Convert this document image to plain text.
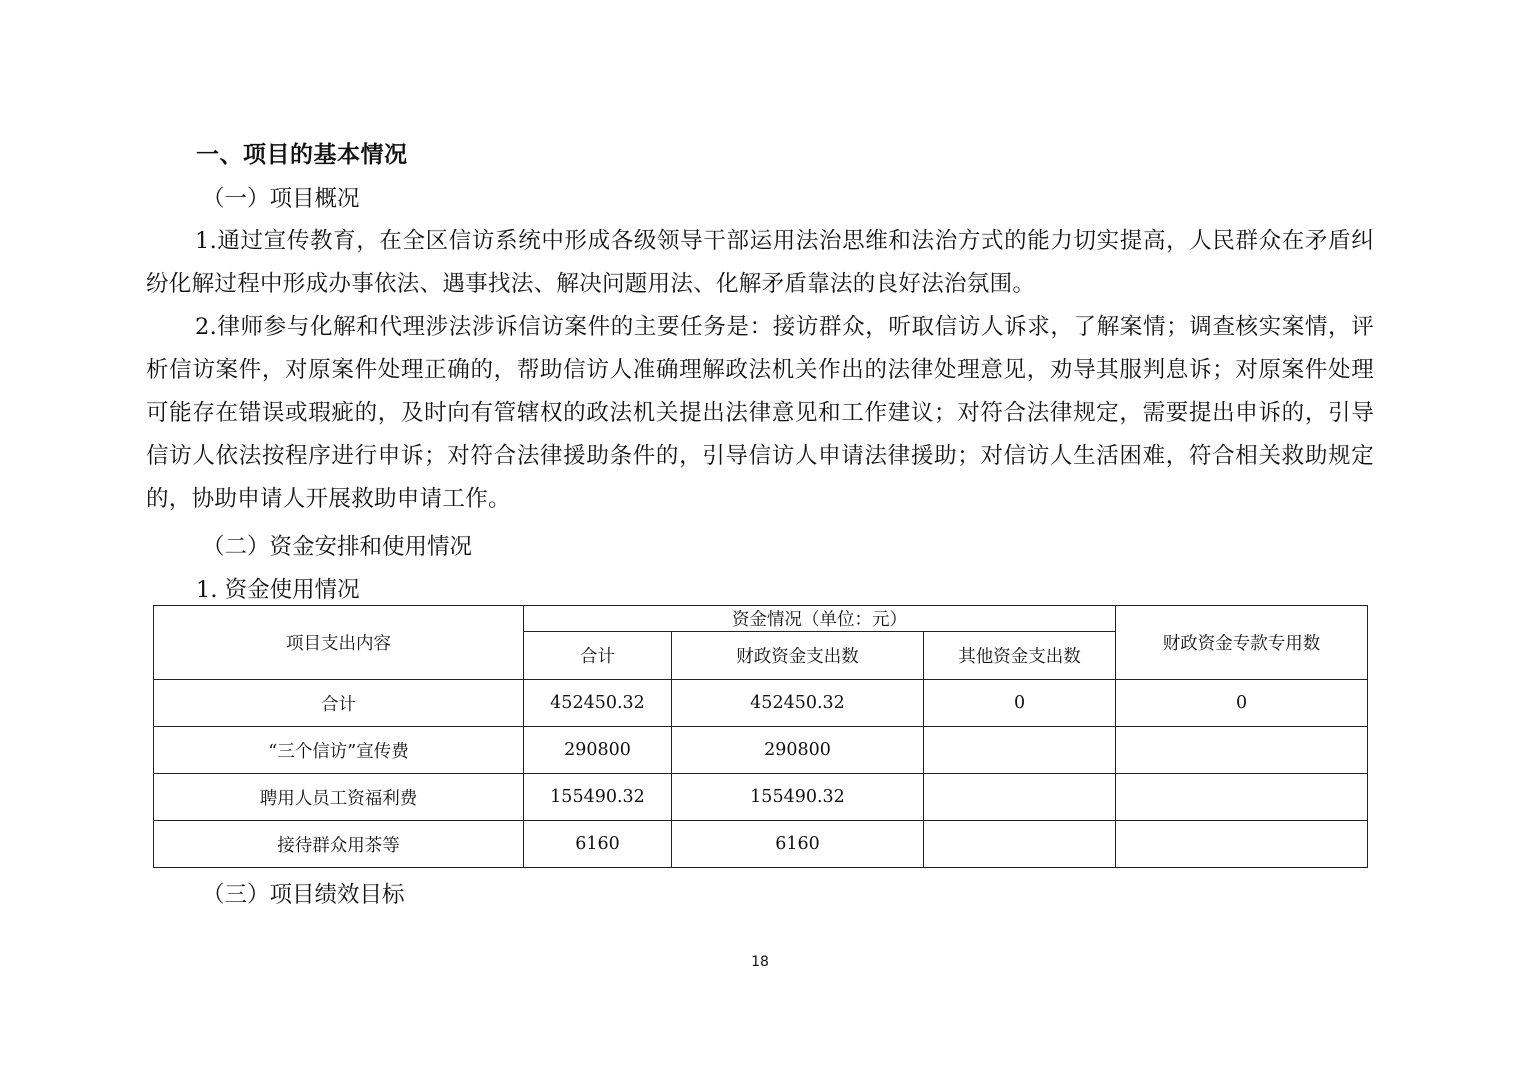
一、项目的基本情况

（一）项目概况

1.通过宣传教育，在全区信访系统中形成各级领导干部运用法治思维和法治方式的能力切实提高，人民群众在矛盾纠纷化解过程中形成办事依法、遇事找法、解决问题用法、化解矛盾靠法的良好法治氛围。

2.律师参与化解和代理涉法涉诉信访案件的主要任务是：接访群众，听取信访人诉求，了解案情；调查核实案情，评析信访案件，对原案件处理正确的，帮助信访人准确理解政法机关作出的法律处理意见，劝导其服判息诉；对原案件处理可能存在错误或瑕疵的，及时向有管辖权的政法机关提出法律意见和工作建议；对符合法律规定，需要提出申诉的，引导信访人依法按程序进行申诉；对符合法律援助条件的，引导信访人申请法律援助；对信访人生活困难，符合相关救助规定的，协助申请人开展救助申请工作。

（二）资金安排和使用情况

1. 资金使用情况

项目支出内容	资金情况（单位：元）			财政资金专款专用数
	合计	财政资金支出数	其他资金支出数	
合计	452450.32	452450.32	0	0
“三个信访”宣传费	290800	290800		
聘用人员工资福利费	155490.32	155490.32		
接待群众用茶等	6160	6160		

（三）项目绩效目标

18
